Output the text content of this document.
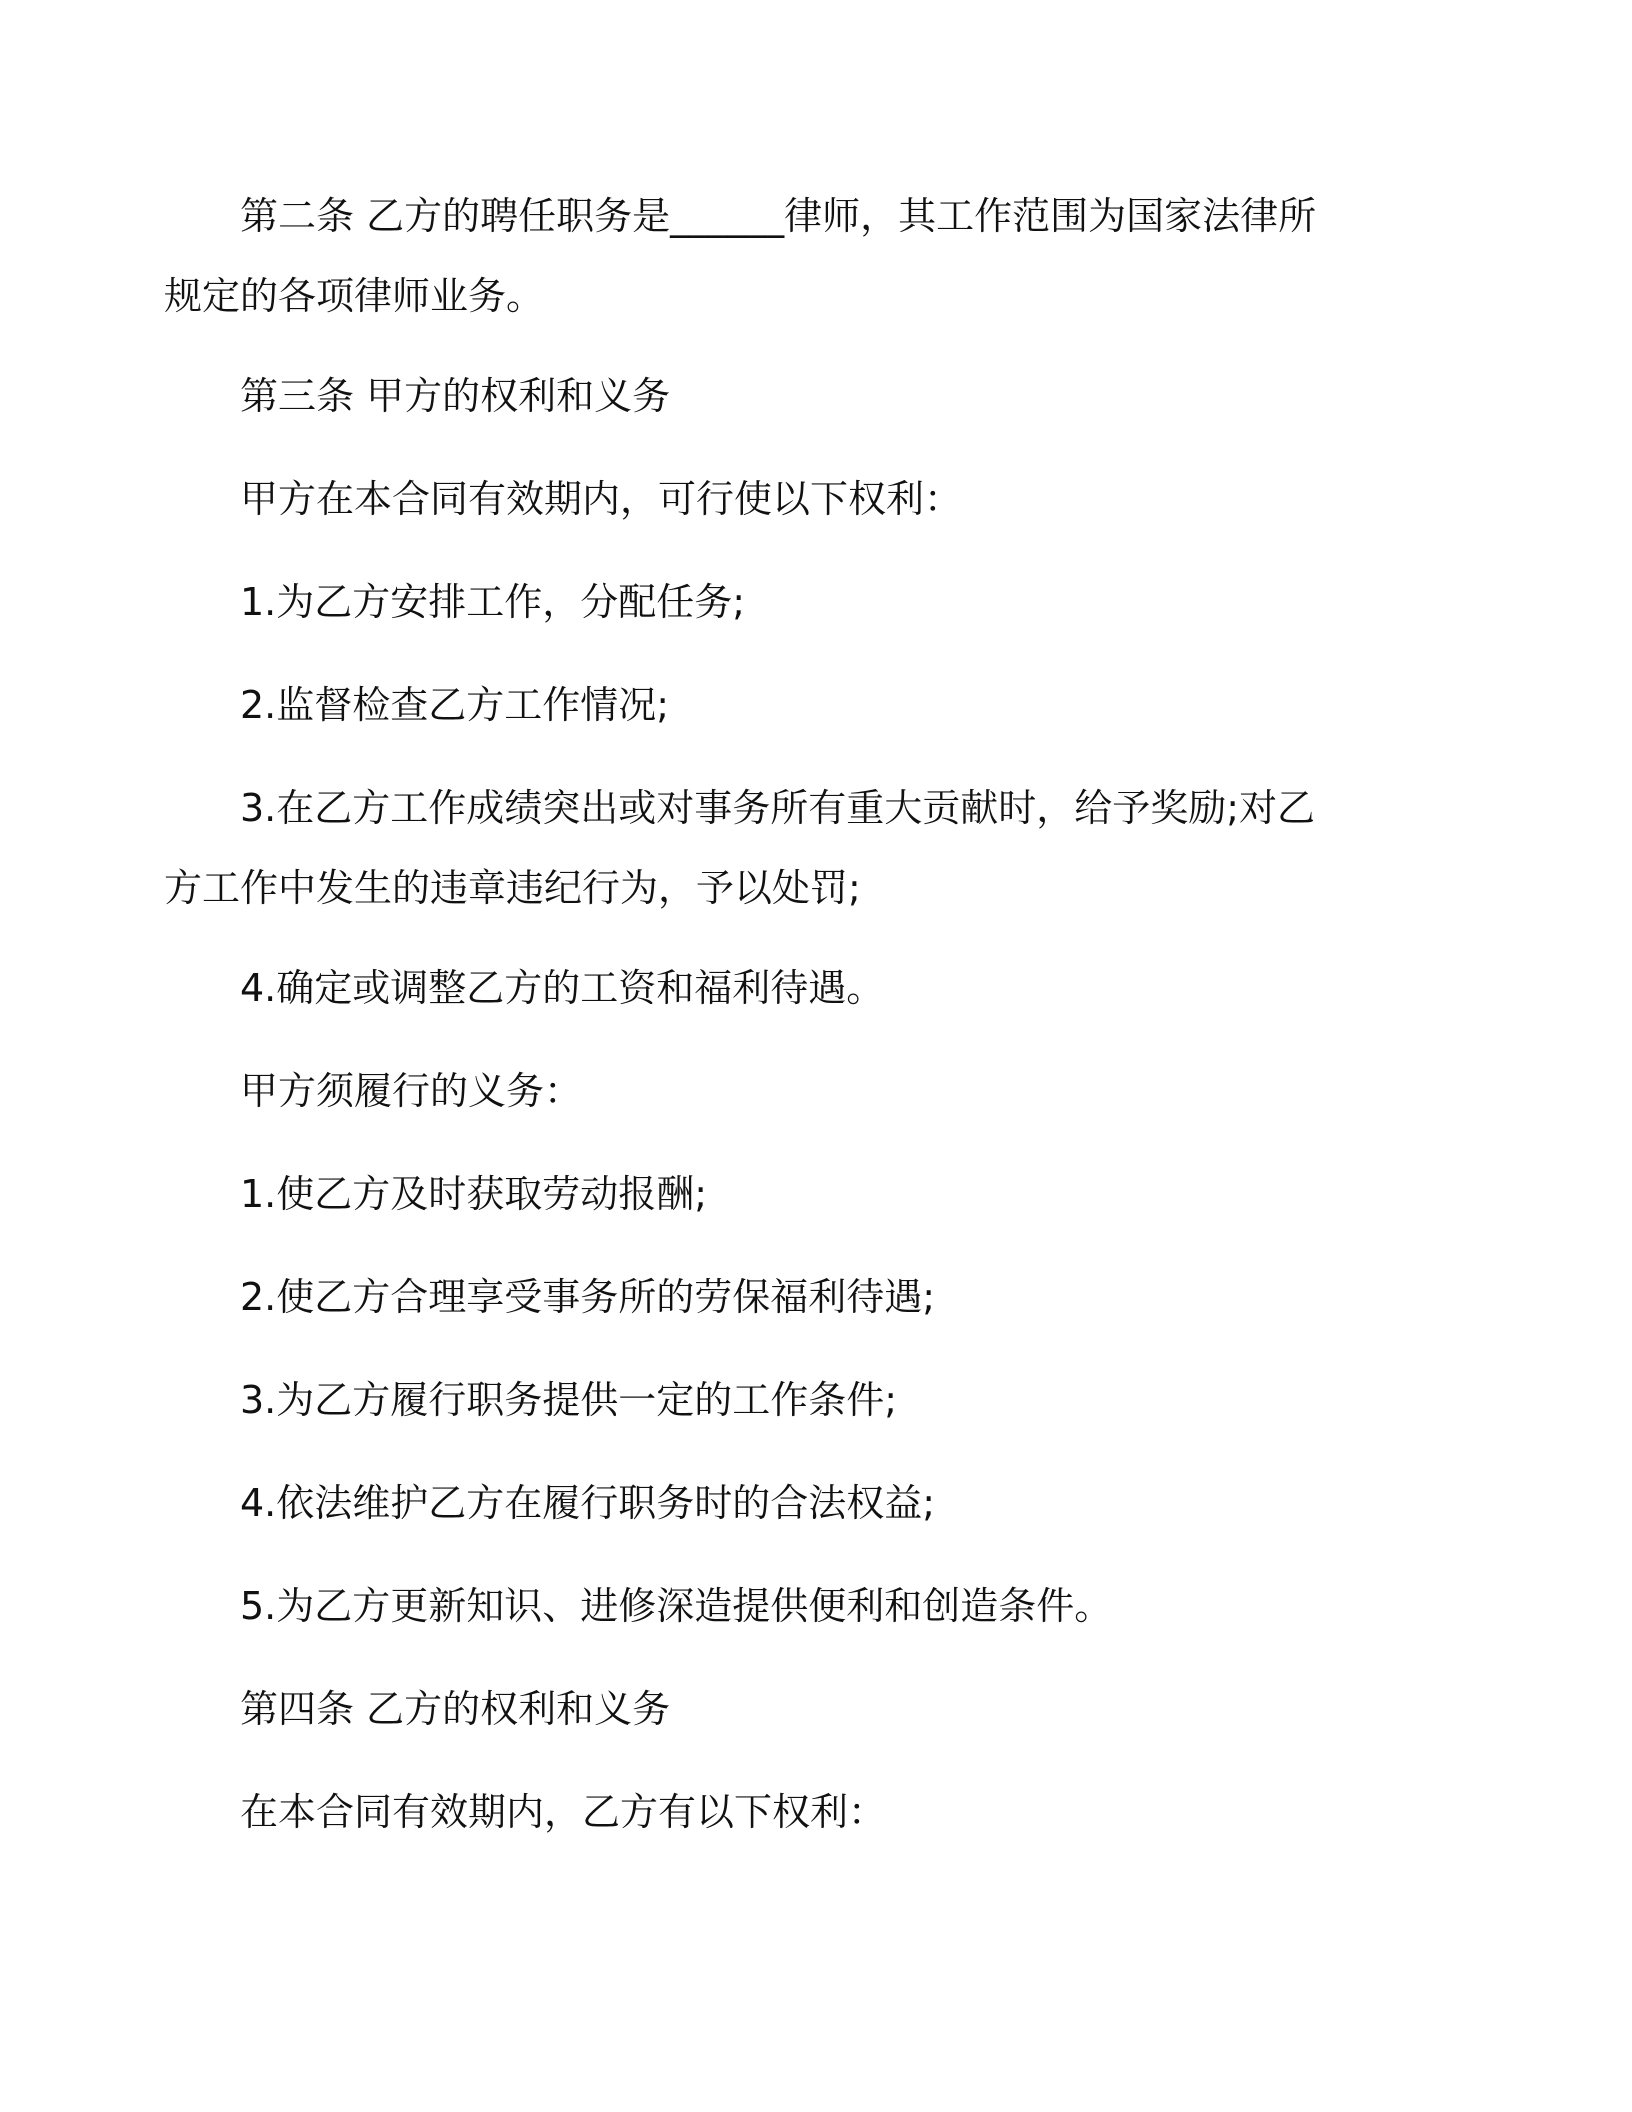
第二条 乙方的聘任职务是______律师，其工作范围为国家法律所
规定的各项律师业务。

第三条 甲方的权利和义务

甲方在本合同有效期内，可行使以下权利：

1.为乙方安排工作，分配任务;

2.监督检查乙方工作情况;

3.在乙方工作成绩突出或对事务所有重大贡献时，给予奖励;对乙
方工作中发生的违章违纪行为，予以处罚;

4.确定或调整乙方的工资和福利待遇。

甲方须履行的义务：

1.使乙方及时获取劳动报酬;

2.使乙方合理享受事务所的劳保福利待遇;

3.为乙方履行职务提供一定的工作条件;

4.依法维护乙方在履行职务时的合法权益;

5.为乙方更新知识、进修深造提供便利和创造条件。

第四条 乙方的权利和义务

在本合同有效期内，乙方有以下权利：
